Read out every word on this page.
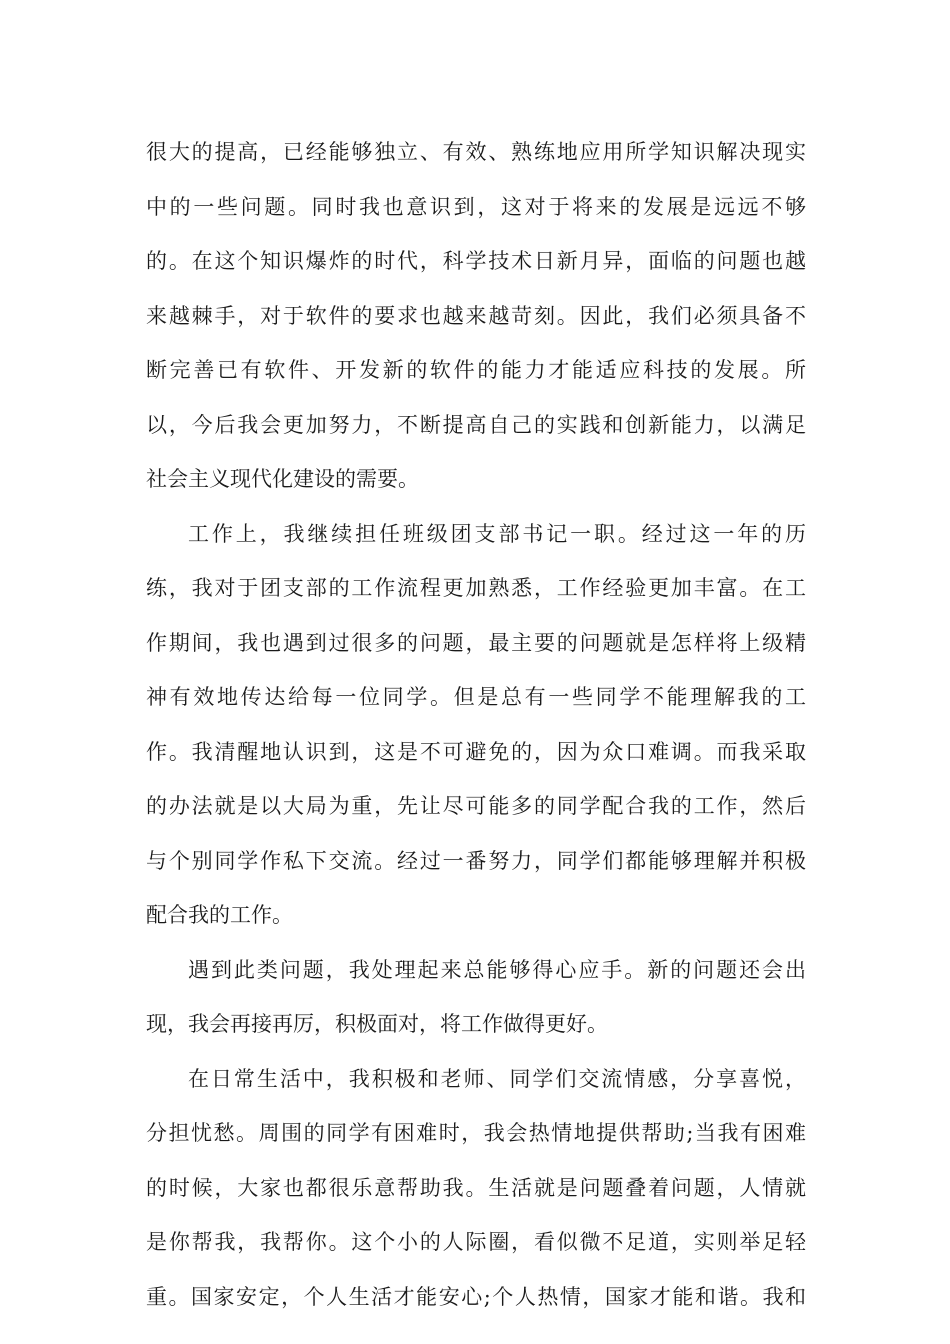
很大的提高，已经能够独立、有效、熟练地应用所学知识解决现实
中的一些问题。同时我也意识到，这对于将来的发展是远远不够
的。在这个知识爆炸的时代，科学技术日新月异，面临的问题也越
来越棘手，对于软件的要求也越来越苛刻。因此，我们必须具备不
断完善已有软件、开发新的软件的能力才能适应科技的发展。所
以，今后我会更加努力，不断提高自己的实践和创新能力，以满足
社会主义现代化建设的需要。
工作上，我继续担任班级团支部书记一职。经过这一年的历
练，我对于团支部的工作流程更加熟悉，工作经验更加丰富。在工
作期间，我也遇到过很多的问题，最主要的问题就是怎样将上级精
神有效地传达给每一位同学。但是总有一些同学不能理解我的工
作。我清醒地认识到，这是不可避免的，因为众口难调。而我采取
的办法就是以大局为重，先让尽可能多的同学配合我的工作，然后
与个别同学作私下交流。经过一番努力，同学们都能够理解并积极
配合我的工作。
遇到此类问题，我处理起来总能够得心应手。新的问题还会出
现，我会再接再厉，积极面对，将工作做得更好。
在日常生活中，我积极和老师、同学们交流情感，分享喜悦，
分担忧愁。周围的同学有困难时，我会热情地提供帮助;当我有困难
的时候，大家也都很乐意帮助我。生活就是问题叠着问题，人情就
是你帮我，我帮你。这个小的人际圈，看似微不足道，实则举足轻
重。国家安定，个人生活才能安心;个人热情，国家才能和谐。我和
